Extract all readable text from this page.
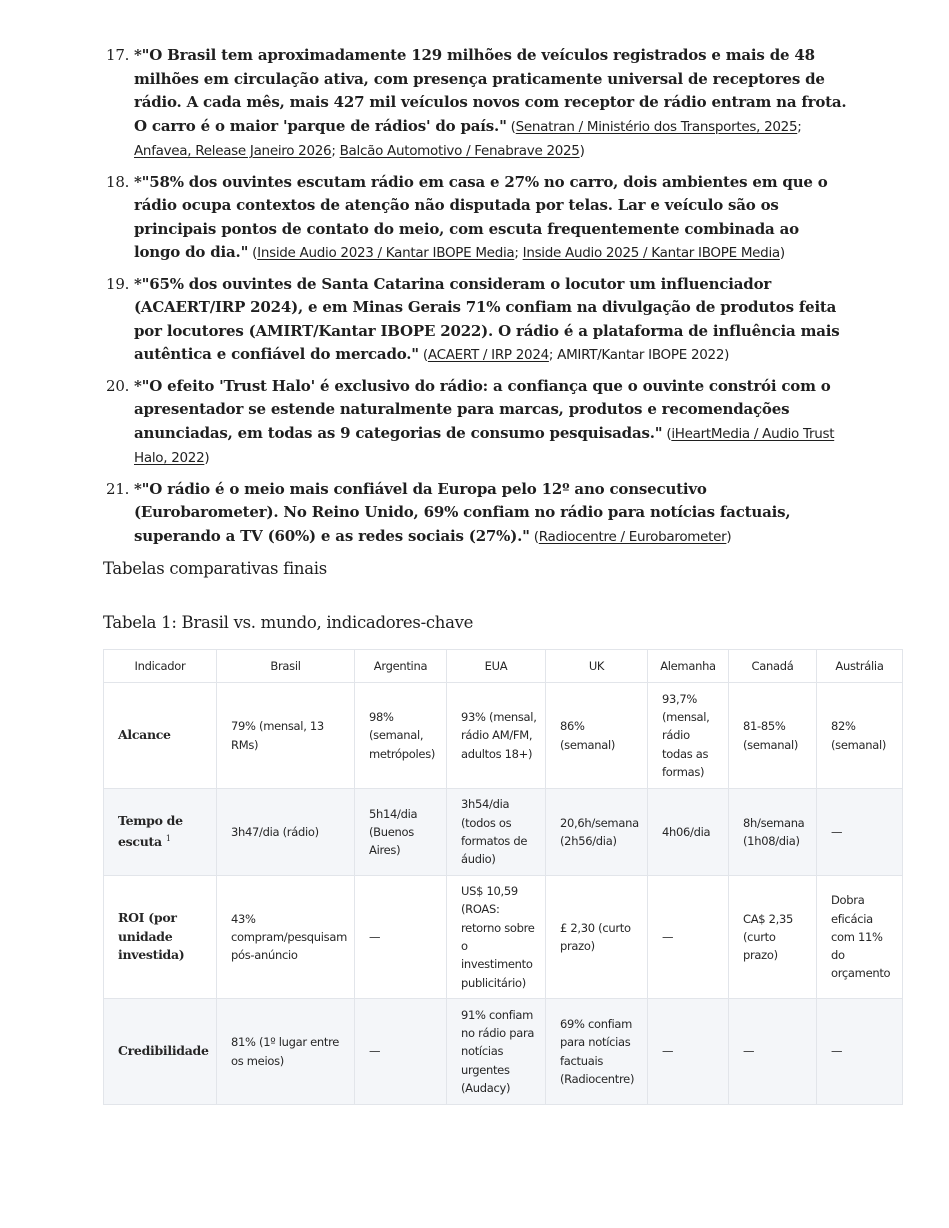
17. *"O Brasil tem aproximadamente 129 milhões de veículos registrados e mais de 48 milhões em circulação ativa, com presença praticamente universal de receptores de rádio. A cada mês, mais 427 mil veículos novos com receptor de rádio entram na frota. O carro é o maior 'parque de rádios' do país." (Senatran / Ministério dos Transportes, 2025; Anfavea, Release Janeiro 2026; Balcão Automotivo / Fenabrave 2025)
18. *"58% dos ouvintes escutam rádio em casa e 27% no carro, dois ambientes em que o rádio ocupa contextos de atenção não disputada por telas. Lar e veículo são os principais pontos de contato do meio, com escuta frequentemente combinada ao longo do dia." (Inside Audio 2023 / Kantar IBOPE Media; Inside Audio 2025 / Kantar IBOPE Media)
19. *"65% dos ouvintes de Santa Catarina consideram o locutor um influenciador (ACAERT/IRP 2024), e em Minas Gerais 71% confiam na divulgação de produtos feita por locutores (AMIRT/Kantar IBOPE 2022). O rádio é a plataforma de influência mais autêntica e confiável do mercado." (ACAERT / IRP 2024; AMIRT/Kantar IBOPE 2022)
20. *"O efeito 'Trust Halo' é exclusivo do rádio: a confiança que o ouvinte constrói com o apresentador se estende naturalmente para marcas, produtos e recomendações anunciadas, em todas as 9 categorias de consumo pesquisadas." (iHeartMedia / Audio Trust Halo, 2022)
21. *"O rádio é o meio mais confiável da Europa pelo 12º ano consecutivo (Eurobarometer). No Reino Unido, 69% confiam no rádio para notícias factuais, superando a TV (60%) e as redes sociais (27%)." (Radiocentre / Eurobarometer)
Tabelas comparativas finais
Tabela 1: Brasil vs. mundo, indicadores-chave
Indicador	Brasil	Argentina	EUA	UK	Alemanha	Canadá	Austrália
Alcance	79% (mensal, 13 RMs)	98% (semanal, metrópoles)	93% (mensal, rádio AM/FM, adultos 18+)	86% (semanal)	93,7% (mensal, rádio todas as formas)	81-85% (semanal)	82% (semanal)
Tempo de escuta $^1$	3h47/dia (rádio)	5h14/dia (Buenos Aires)	3h54/dia (todos os formatos de áudio)	20,6h/semana (2h56/dia)	4h06/dia	8h/semana (1h08/dia)	—
ROI (por unidade investida)	43% compram/pesquisam pós-anúncio	—	US$ 10,59 (ROAS: retorno sobre o investimento publicitário)	£ 2,30 (curto prazo)	—	CA$ 2,35 (curto prazo)	Dobra eficácia com 11% do orçamento
Credibilidade	81% (1º lugar entre os meios)	—	91% confiam no rádio para notícias urgentes (Audacy)	69% confiam para notícias factuais (Radiocentre)	—	—	—
